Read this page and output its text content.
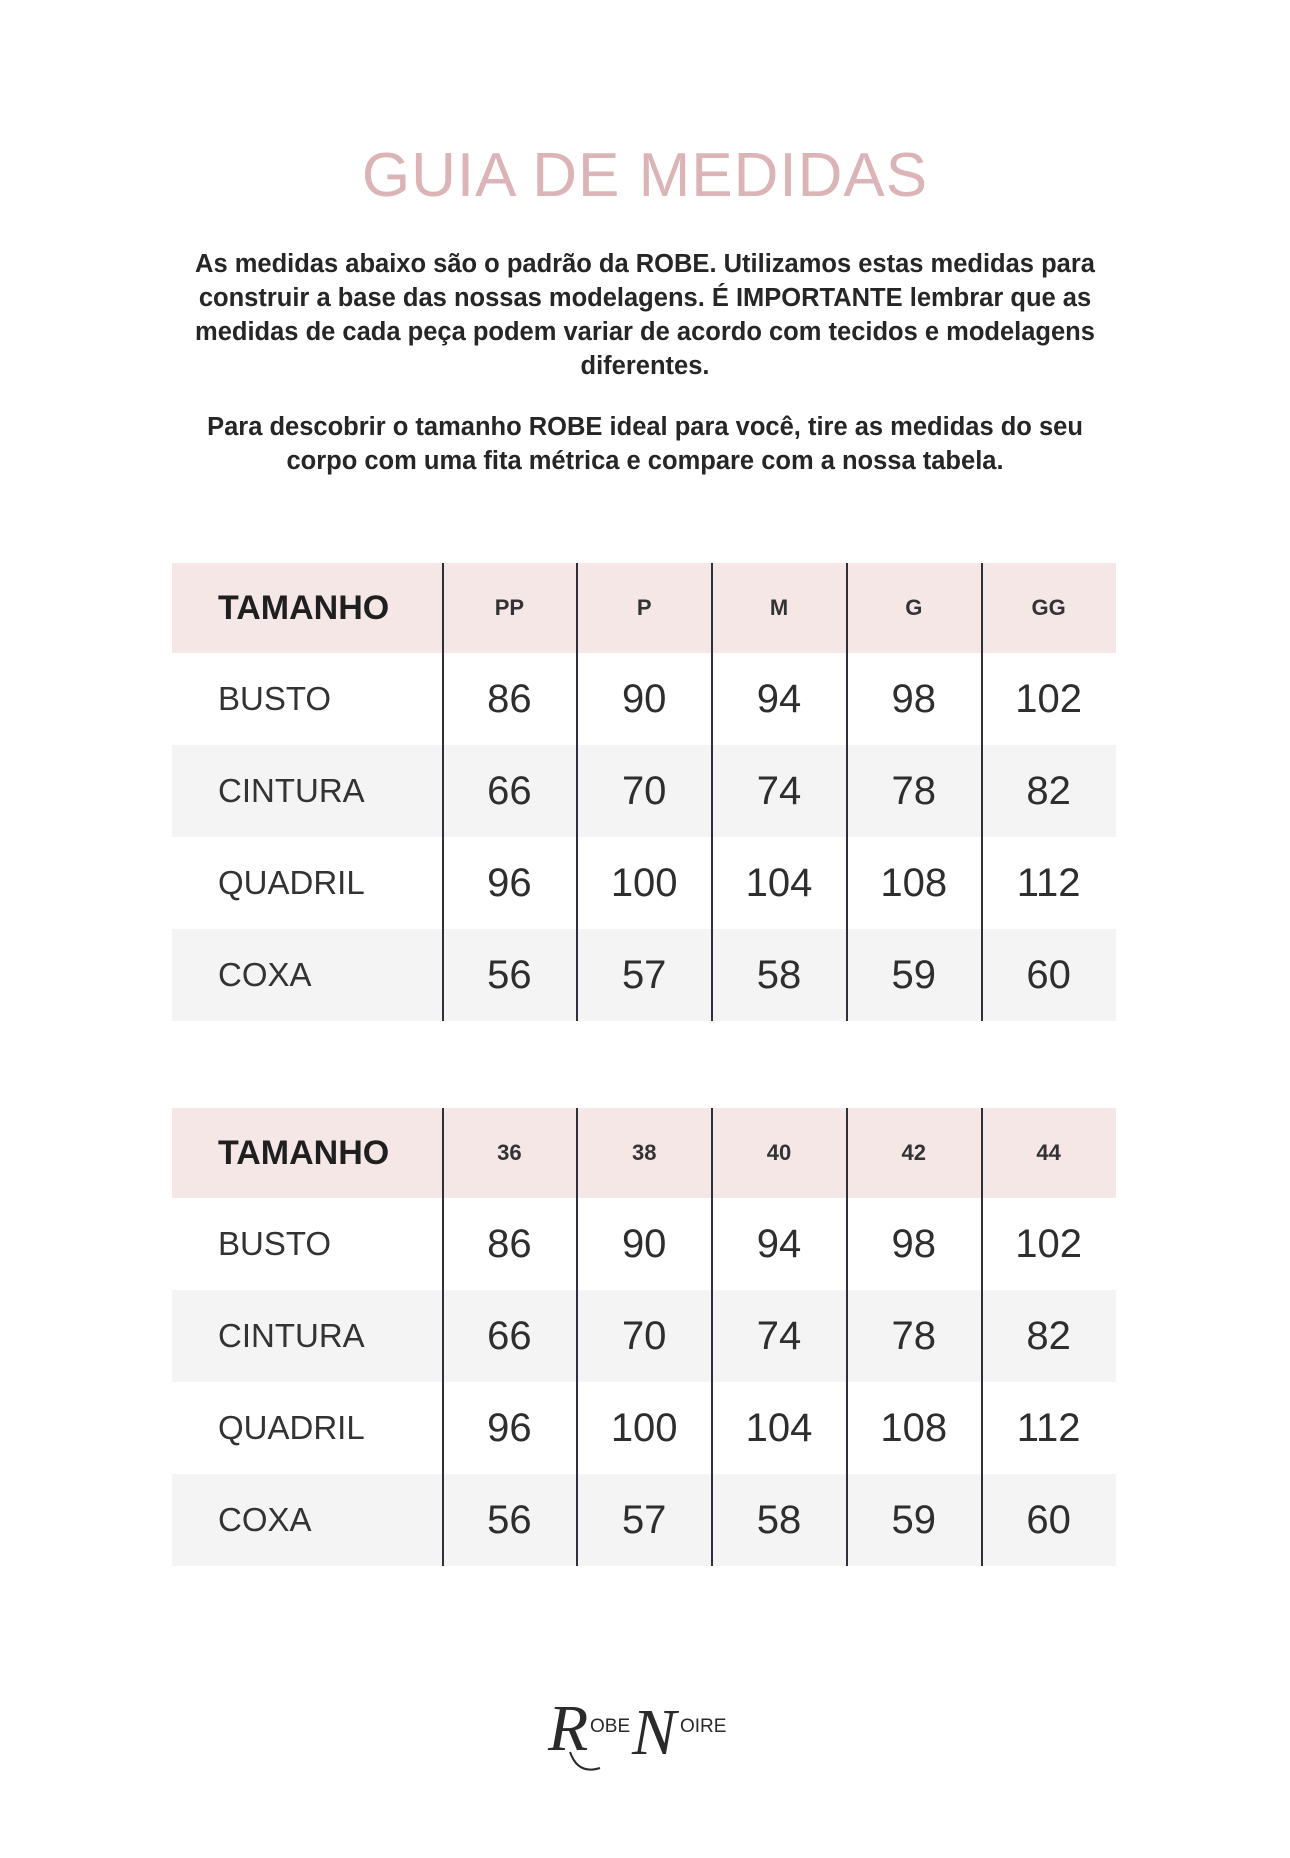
GUIA DE MEDIDAS

As medidas abaixo são o padrão da ROBE. Utilizamos estas medidas para construir a base das nossas modelagens. É IMPORTANTE lembrar que as medidas de cada peça podem variar de acordo com tecidos e modelagens diferentes.

Para descobrir o tamanho ROBE ideal para você, tire as medidas do seu corpo com uma fita métrica e compare com a nossa tabela.

TAMANHO	PP	P	M	G	GG
BUSTO	86	90	94	98	102
CINTURA	66	70	74	78	82
QUADRIL	96	100	104	108	112
COXA	56	57	58	59	60
TAMANHO	36	38	40	42	44
BUSTO	86	90	94	98	102
CINTURA	66	70	74	78	82
QUADRIL	96	100	104	108	112
COXA	56	57	58	59	60
R OBE N OIRE
